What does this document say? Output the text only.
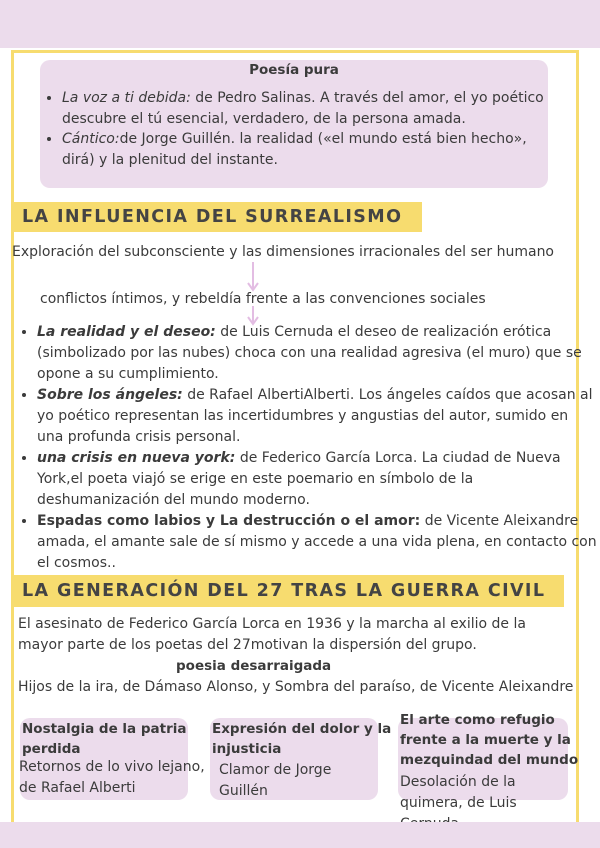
Poesía pura
• La voz a ti debida: de Pedro Salinas. A través del amor, el yo poético descubre el tú esencial, verdadero, de la persona amada.
• Cántico:de Jorge Guillén. la realidad («el mundo está bien hecho», dirá) y la plenitud del instante.
LA INFLUENCIA DEL SURREALISMO
Exploración del subconsciente y las dimensiones irracionales del ser humano
conflictos íntimos, y rebeldía frente a las convenciones sociales
• La realidad y el deseo: de Luis Cernuda el deseo de realización erótica (simbolizado por las nubes) choca con una realidad agresiva (el muro) que se opone a su cumplimiento.
• Sobre los ángeles: de Rafael AlbertiAlberti. Los ángeles caídos que acosan al yo poético representan las incertidumbres y angustias del autor, sumido en una profunda crisis personal.
• una crisis en nueva york: de Federico García Lorca. La ciudad de Nueva York,el poeta viajó se erige en este poemario en símbolo de la deshumanización del mundo moderno.
• Espadas como labios y La destrucción o el amor: de Vicente Aleixandre amada, el amante sale de sí mismo y accede a una vida plena, en contacto con el cosmos..
LA GENERACIÓN DEL 27 TRAS LA GUERRA CIVIL
El asesinato de Federico García Lorca en 1936 y la marcha al exilio de la mayor parte de los poetas del 27motivan la dispersión del grupo.
poesia desarraigada
Hijos de la ira, de Dámaso Alonso, y Sombra del paraíso, de Vicente Aleixandre
Nostalgia de la patria perdida
Retornos de lo vivo lejano, de Rafael Alberti
Expresión del dolor y la injusticia
Clamor de Jorge Guillén
El arte como refugio frente a la muerte y la mezquindad del mundo
Desolación de la quimera, de Luis
